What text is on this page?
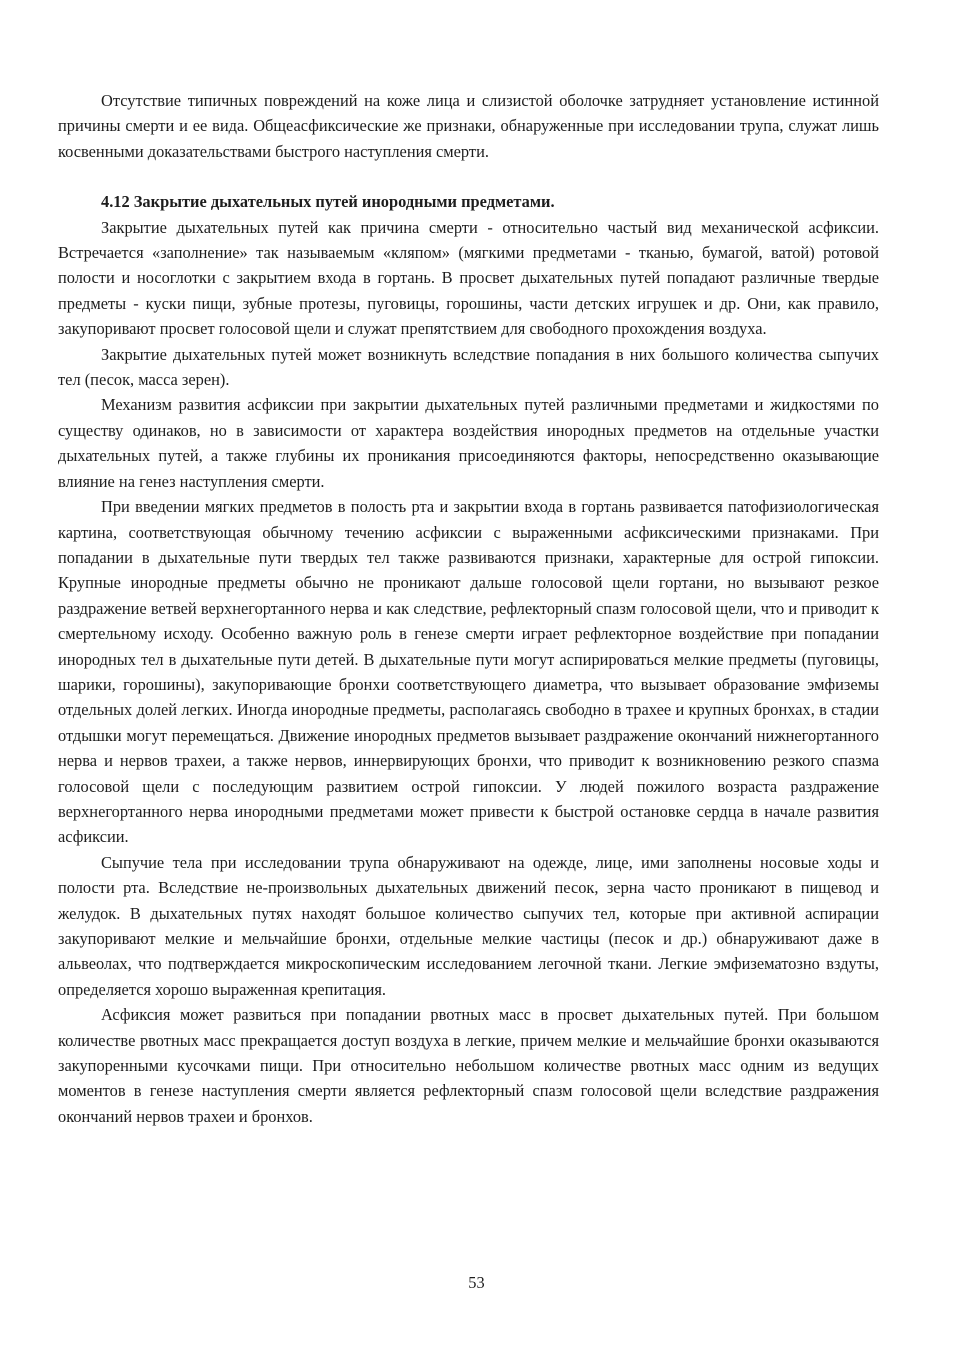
Отсутствие типичных повреждений на коже лица и слизистой оболочке затрудняет установление истинной причины смерти и ее вида. Общеасфиксические же признаки, обнаруженные при исследовании трупа, служат лишь косвенными доказательствами быстрого наступления смерти.

4.12 Закрытие дыхательных путей инородными предметами.

Закрытие дыхательных путей как причина смерти - относительно частый вид механической асфиксии. Встречается «заполнение» так называемым «кляпом» (мягкими предметами - тканью, бумагой, ватой) ротовой полости и носоглотки с закрытием входа в гортань. В просвет дыхательных путей попадают различные твердые предметы - куски пищи, зубные протезы, пуговицы, горошины, части детских игрушек и др. Они, как правило, закупоривают просвет голосовой щели и служат препятствием для свободного прохождения воздуха.

Закрытие дыхательных путей может возникнуть вследствие попадания в них большого количества сыпучих тел (песок, масса зерен).

Механизм развития асфиксии при закрытии дыхательных путей различными предметами и жидкостями по существу одинаков, но в зависимости от характера воздействия инородных предметов на отдельные участки дыхательных путей, а также глубины их проникания присоединяются факторы, непосредственно оказывающие влияние на генез наступления смерти.

При введении мягких предметов в полость рта и закрытии входа в гортань развивается патофизиологическая картина, соответствующая обычному течению асфиксии с выраженными асфиксическими признаками. При попадании в дыхательные пути твердых тел также развиваются признаки, характерные для острой гипоксии. Крупные инородные предметы обычно не проникают дальше голосовой щели гортани, но вызывают резкое раздражение ветвей верхнегортанного нерва и как следствие, рефлекторный спазм голосовой щели, что и приводит к смертельному исходу. Особенно важную роль в генезе смерти играет рефлекторное воздействие при попадании инородных тел в дыхательные пути детей. В дыхательные пути могут аспирироваться мелкие предметы (пуговицы, шарики, горошины), закупоривающие бронхи соответствующего диаметра, что вызывает образование эмфиземы отдельных долей легких. Иногда инородные предметы, располагаясь свободно в трахее и крупных бронхах, в стадии отдышки могут перемещаться. Движение инородных предметов вызывает раздражение окончаний нижнегортанного нерва и нервов трахеи, а также нервов, иннервирующих бронхи, что приводит к возникновению резкого спазма голосовой щели с последующим развитием острой гипоксии. У людей пожилого возраста раздражение верхнегортанного нерва инородными предметами может привести к быстрой остановке сердца в начале развития асфиксии.

Сыпучие тела при исследовании трупа обнаруживают на одежде, лице, ими заполнены носовые ходы и полости рта. Вследствие не-произвольных дыхательных движений песок, зерна часто проникают в пищевод и желудок. В дыхательных путях находят большое количество сыпучих тел, которые при активной аспирации закупоривают мелкие и мельчайшие бронхи, отдельные мелкие частицы (песок и др.) обнаруживают даже в альвеолах, что подтверждается микроскопическим исследованием легочной ткани. Легкие эмфизематозно вздуты, определяется хорошо выраженная крепитация.

Асфиксия может развиться при попадании рвотных масс в просвет дыхательных путей. При большом количестве рвотных масс прекращается доступ воздуха в легкие, причем мелкие и мельчайшие бронхи оказываются закупоренными кусочками пищи. При относительно небольшом количестве рвотных масс одним из ведущих моментов в генезе наступления смерти является рефлекторный спазм голосовой щели вследствие раздражения окончаний нервов трахеи и бронхов.

53
